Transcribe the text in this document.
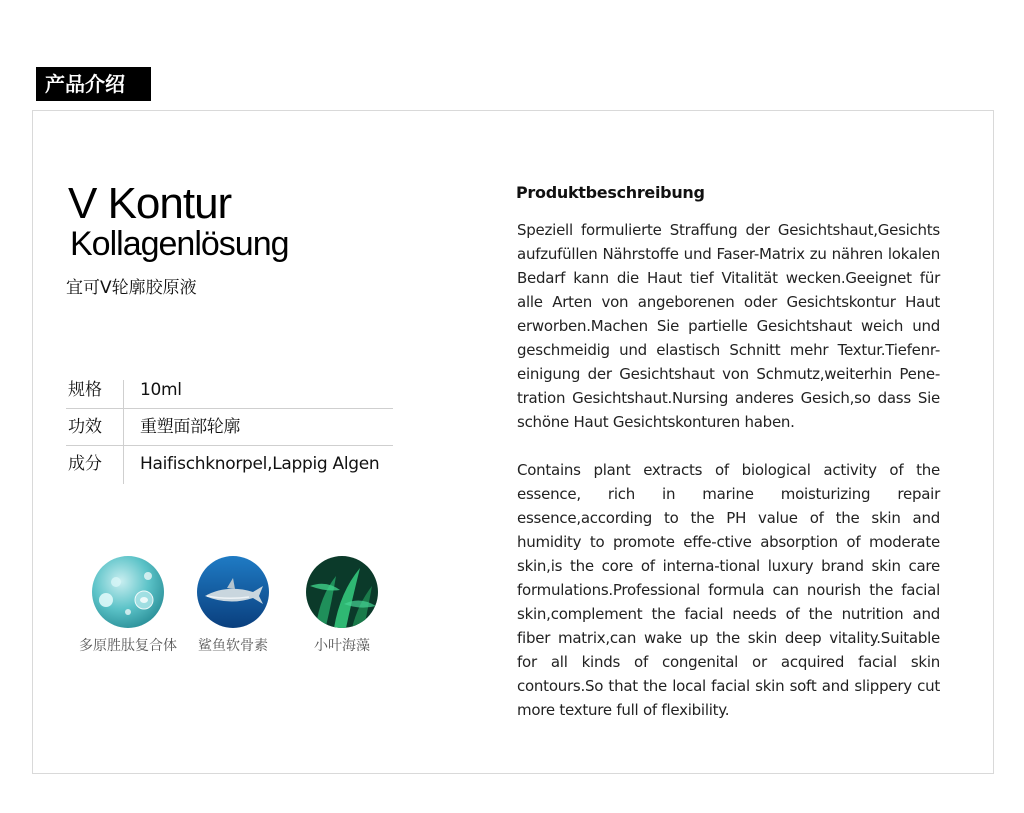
产品介绍
V Kontur
Kollagenlösung
宜可V轮廓胶原液
规格	10ml
功效	重塑面部轮廓
成分	Haifischknorpel,Lappig Algen
多原胜肽复合体	鲨鱼软骨素	小叶海藻
Produktbeschreibung
Speziell formulierte Straffung der Gesichtshaut,Gesichts aufzufüllen Nährstoffe und Faser-Matrix zu nähren lokalen Bedarf kann die Haut tief Vitalität wecken.Geeignet für alle Arten von angeborenen oder Gesichtskontur Haut erworben.Machen Sie partielle Gesichtshaut weich und geschmeidig und elastisch Schnitt mehr Textur.Tiefenr-einigung der Gesichtshaut von Schmutz,weiterhin Pene-tration Gesichtshaut.Nursing anderes Gesich,so dass Sie schöne Haut Gesichtskonturen haben.
Contains plant extracts of biological activity of the essence, rich in marine moisturizing repair essence,according to the PH value of the skin and humidity to promote effe-ctive absorption of moderate skin,is the core of interna-tional luxury brand skin care formulations.Professional formula can nourish the facial skin,complement the facial needs of the nutrition and fiber matrix,can wake up the skin deep vitality.Suitable for all kinds of congenital or acquired facial skin contours.So that the local facial skin soft and slippery cut more texture full of flexibility.
